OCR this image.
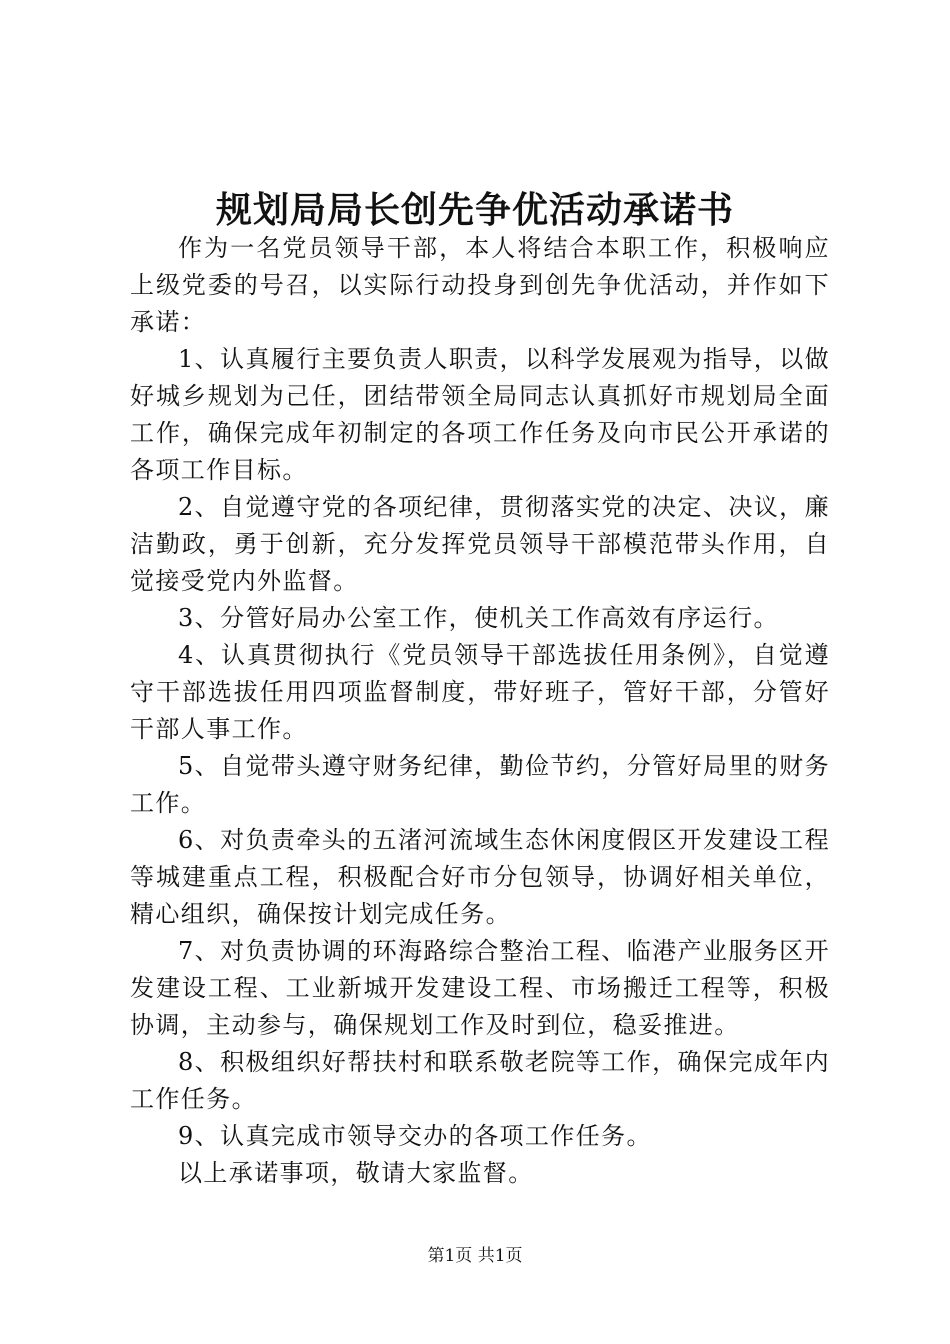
规划局局长创先争优活动承诺书

作为一名党员领导干部，本人将结合本职工作，积极响应上级党委的号召，以实际行动投身到创先争优活动，并作如下承诺：

1、认真履行主要负责人职责，以科学发展观为指导，以做好城乡规划为己任，团结带领全局同志认真抓好市规划局全面工作，确保完成年初制定的各项工作任务及向市民公开承诺的各项工作目标。

2、自觉遵守党的各项纪律，贯彻落实党的决定、决议，廉洁勤政，勇于创新，充分发挥党员领导干部模范带头作用，自觉接受党内外监督。

3、分管好局办公室工作，使机关工作高效有序运行。

4、认真贯彻执行《党员领导干部选拔任用条例》，自觉遵守干部选拔任用四项监督制度，带好班子，管好干部，分管好干部人事工作。

5、自觉带头遵守财务纪律，勤俭节约，分管好局里的财务工作。

6、对负责牵头的五渚河流域生态休闲度假区开发建设工程等城建重点工程，积极配合好市分包领导，协调好相关单位，精心组织，确保按计划完成任务。

7、对负责协调的环海路综合整治工程、临港产业服务区开发建设工程、工业新城开发建设工程、市场搬迁工程等，积极协调，主动参与，确保规划工作及时到位，稳妥推进。

8、积极组织好帮扶村和联系敬老院等工作，确保完成年内工作任务。

9、认真完成市领导交办的各项工作任务。

以上承诺事项，敬请大家监督。

第1页 共1页
